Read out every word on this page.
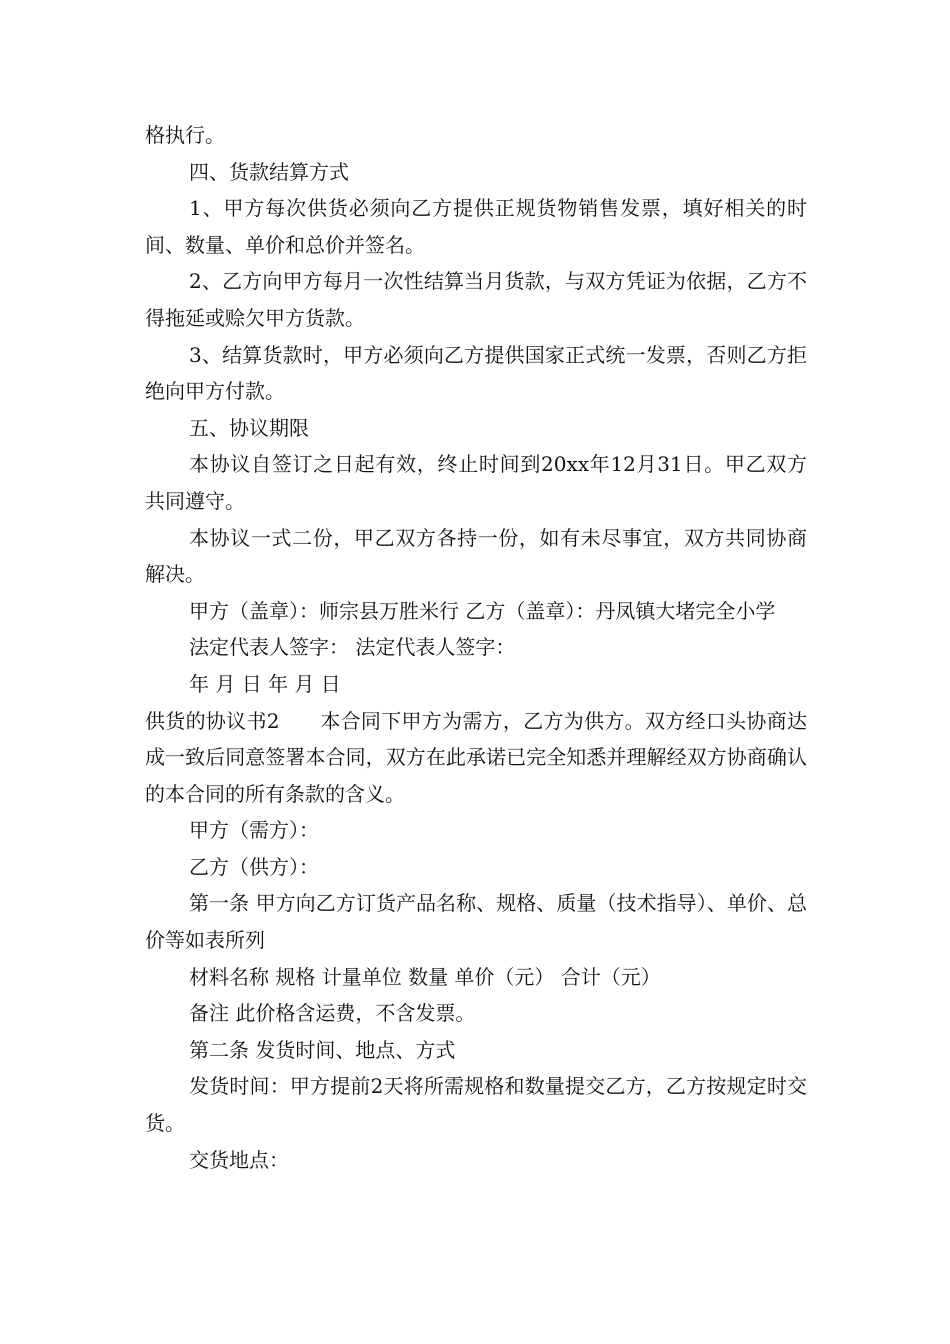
格执行。

四、货款结算方式

1、甲方每次供货必须向乙方提供正规货物销售发票，填好相关的时间、数量、单价和总价并签名。

2、乙方向甲方每月一次性结算当月货款，与双方凭证为依据，乙方不得拖延或赊欠甲方货款。

3、结算货款时，甲方必须向乙方提供国家正式统一发票，否则乙方拒绝向甲方付款。

五、协议期限

本协议自签订之日起有效，终止时间到20xx年12月31日。甲乙双方共同遵守。

本协议一式二份，甲乙双方各持一份，如有未尽事宜，双方共同协商解决。

甲方（盖章）：师宗县万胜米行 乙方（盖章）：丹凤镇大堵完全小学

法定代表人签字： 法定代表人签字：

年 月 日 年 月 日

供货的协议书2　　本合同下甲方为需方，乙方为供方。双方经口头协商达成一致后同意签署本合同，双方在此承诺已完全知悉并理解经双方协商确认的本合同的所有条款的含义。

甲方（需方）：

乙方（供方）：

第一条 甲方向乙方订货产品名称、规格、质量（技术指导）、单价、总价等如表所列

材料名称 规格 计量单位 数量 单价（元） 合计（元）

备注 此价格含运费，不含发票。

第二条 发货时间、地点、方式

发货时间：甲方提前2天将所需规格和数量提交乙方，乙方按规定时交货。

交货地点：
